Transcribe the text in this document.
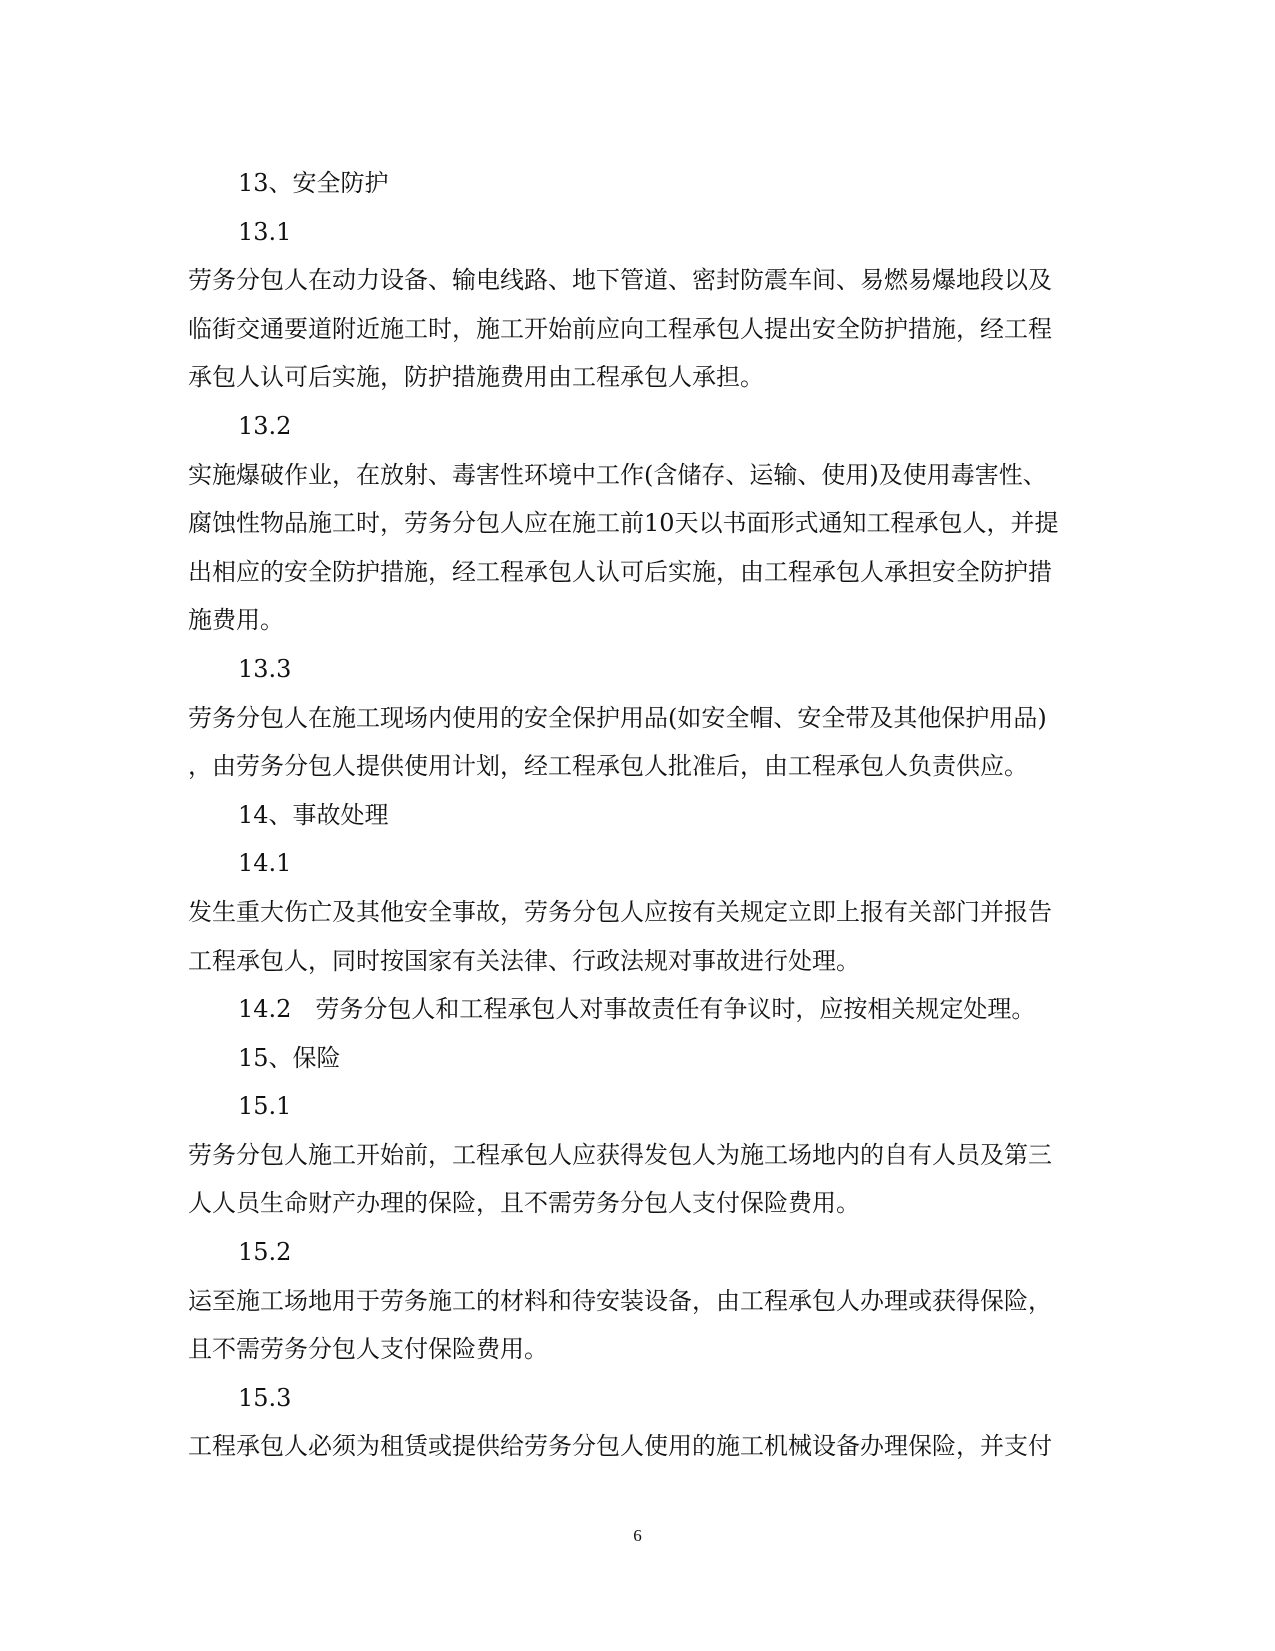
13、安全防护

13.1

劳务分包人在动力设备、输电线路、地下管道、密封防震车间、易燃易爆地段以及

临街交通要道附近施工时，施工开始前应向工程承包人提出安全防护措施，经工程

承包人认可后实施，防护措施费用由工程承包人承担。

13.2

实施爆破作业，在放射、毒害性环境中工作(含储存、运输、使用)及使用毒害性、

腐蚀性物品施工时，劳务分包人应在施工前10天以书面形式通知工程承包人，并提

出相应的安全防护措施，经工程承包人认可后实施，由工程承包人承担安全防护措

施费用。

13.3

劳务分包人在施工现场内使用的安全保护用品(如安全帽、安全带及其他保护用品)

，由劳务分包人提供使用计划，经工程承包人批准后，由工程承包人负责供应。

14、事故处理

14.1

发生重大伤亡及其他安全事故，劳务分包人应按有关规定立即上报有关部门并报告

工程承包人，同时按国家有关法律、行政法规对事故进行处理。

14.2　劳务分包人和工程承包人对事故责任有争议时，应按相关规定处理。

15、保险

15.1

劳务分包人施工开始前，工程承包人应获得发包人为施工场地内的自有人员及第三

人人员生命财产办理的保险，且不需劳务分包人支付保险费用。

15.2

运至施工场地用于劳务施工的材料和待安装设备，由工程承包人办理或获得保险，

且不需劳务分包人支付保险费用。

15.3

工程承包人必须为租赁或提供给劳务分包人使用的施工机械设备办理保险，并支付

6
